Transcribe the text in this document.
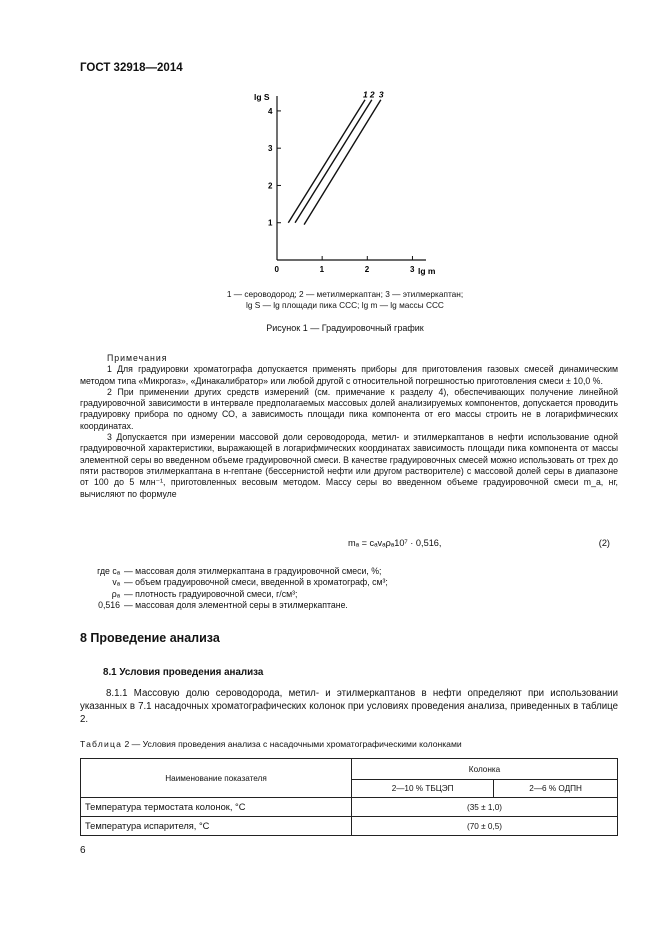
ГОСТ 32918—2014
lg S
lg m
1
2
3
4
0	1	2	3
1 2 3
1 — сероводород; 2 — метилмеркаптан; 3 — этилмеркаптан;
lg S — lg площади пика ССС; lg m — lg массы ССС
Рисунок 1 — Градуировочный график

Примечания

1 Для градуировки хроматографа допускается применять приборы для приготовления газовых смесей динамическим методом типа «Микрогаз», «Динакалибратор» или любой другой с относительной погрешностью приготовления смеси ± 10,0 %.

2 При применении других средств измерений (см. примечание к разделу 4), обеспечивающих получение линейной градуировочной зависимости в интервале предполагаемых массовых долей анализируемых компонентов, допускается проводить градуировку прибора по одному СО, а зависимость площади пика компонента от его массы строить не в логарифмических координатах.

3 Допускается при измерении массовой доли сероводорода, метил- и этилмеркаптанов в нефти использование одной градуировочной характеристики, выражающей в логарифмических координатах зависимость площади пика компонента от массы элементной серы во введенном объеме градуировочной смеси. В качестве градуировочных смесей можно использовать от трех до пяти растворов этилмеркаптана в н-гептане (бессернистой нефти или другом растворителе) с массовой долей серы в диапазоне от 100 до 5 млн⁻¹, приготовленных весовым методом. Массу серы во введенном объеме градуировочной смеси m_a, нг, вычисляют по формуле

mₐ = cₐvₐρₐ10⁷ · 0,516,	(2)
где cₐ — массовая доля этилмеркаптана в градуировочной смеси, %;
vₐ — объем градуировочной смеси, введенной в хроматограф, см³;
ρₐ — плотность градуировочной смеси, г/см³;
0,516 — массовая доля элементной серы в этилмеркаптане.
8 Проведение анализа
8.1 Условия проведения анализа

8.1.1 Массовую долю сероводорода, метил- и этилмеркаптанов в нефти определяют при использовании указанных в 7.1 насадочных хроматографических колонок при условиях проведения анализа, приведенных в таблице 2.

Таблица 2 — Условия проведения анализа с насадочными хроматографическими колонками
Наименование показателя	Колонка	
	2—10 % ТБЦЭП	2—6 % ОДПН
Температура термостата колонок, °С	(35 ± 1,0)	
Температура испарителя, °С	(70 ± 0,5)	
6
